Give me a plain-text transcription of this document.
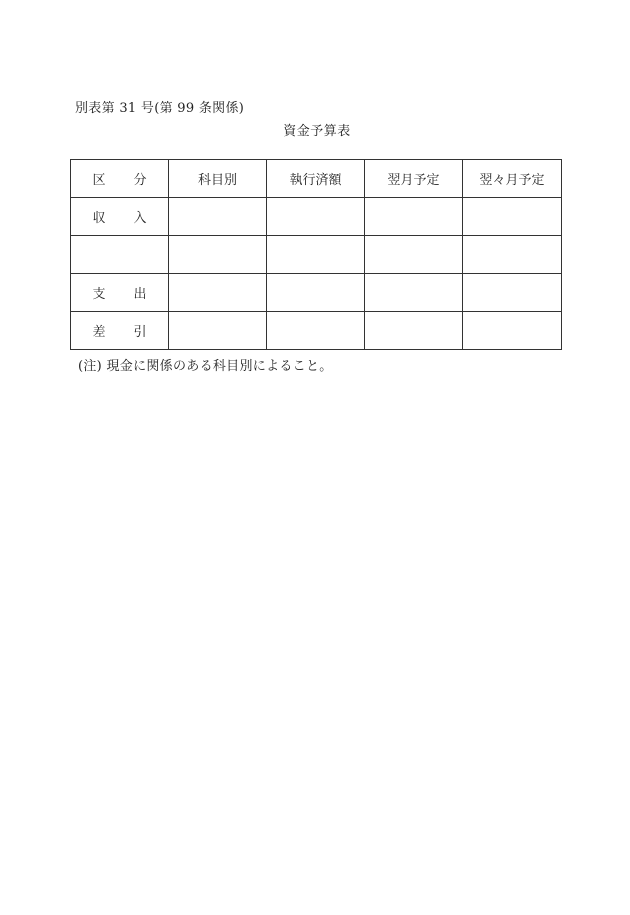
別表第 31 号(第 99 条関係)
資金予算表
区 分	科目別	執行済額	翌月予定	翌々月予定
収 入				

支 出				
差 引				
(注) 現金に関係のある科目別によること。
